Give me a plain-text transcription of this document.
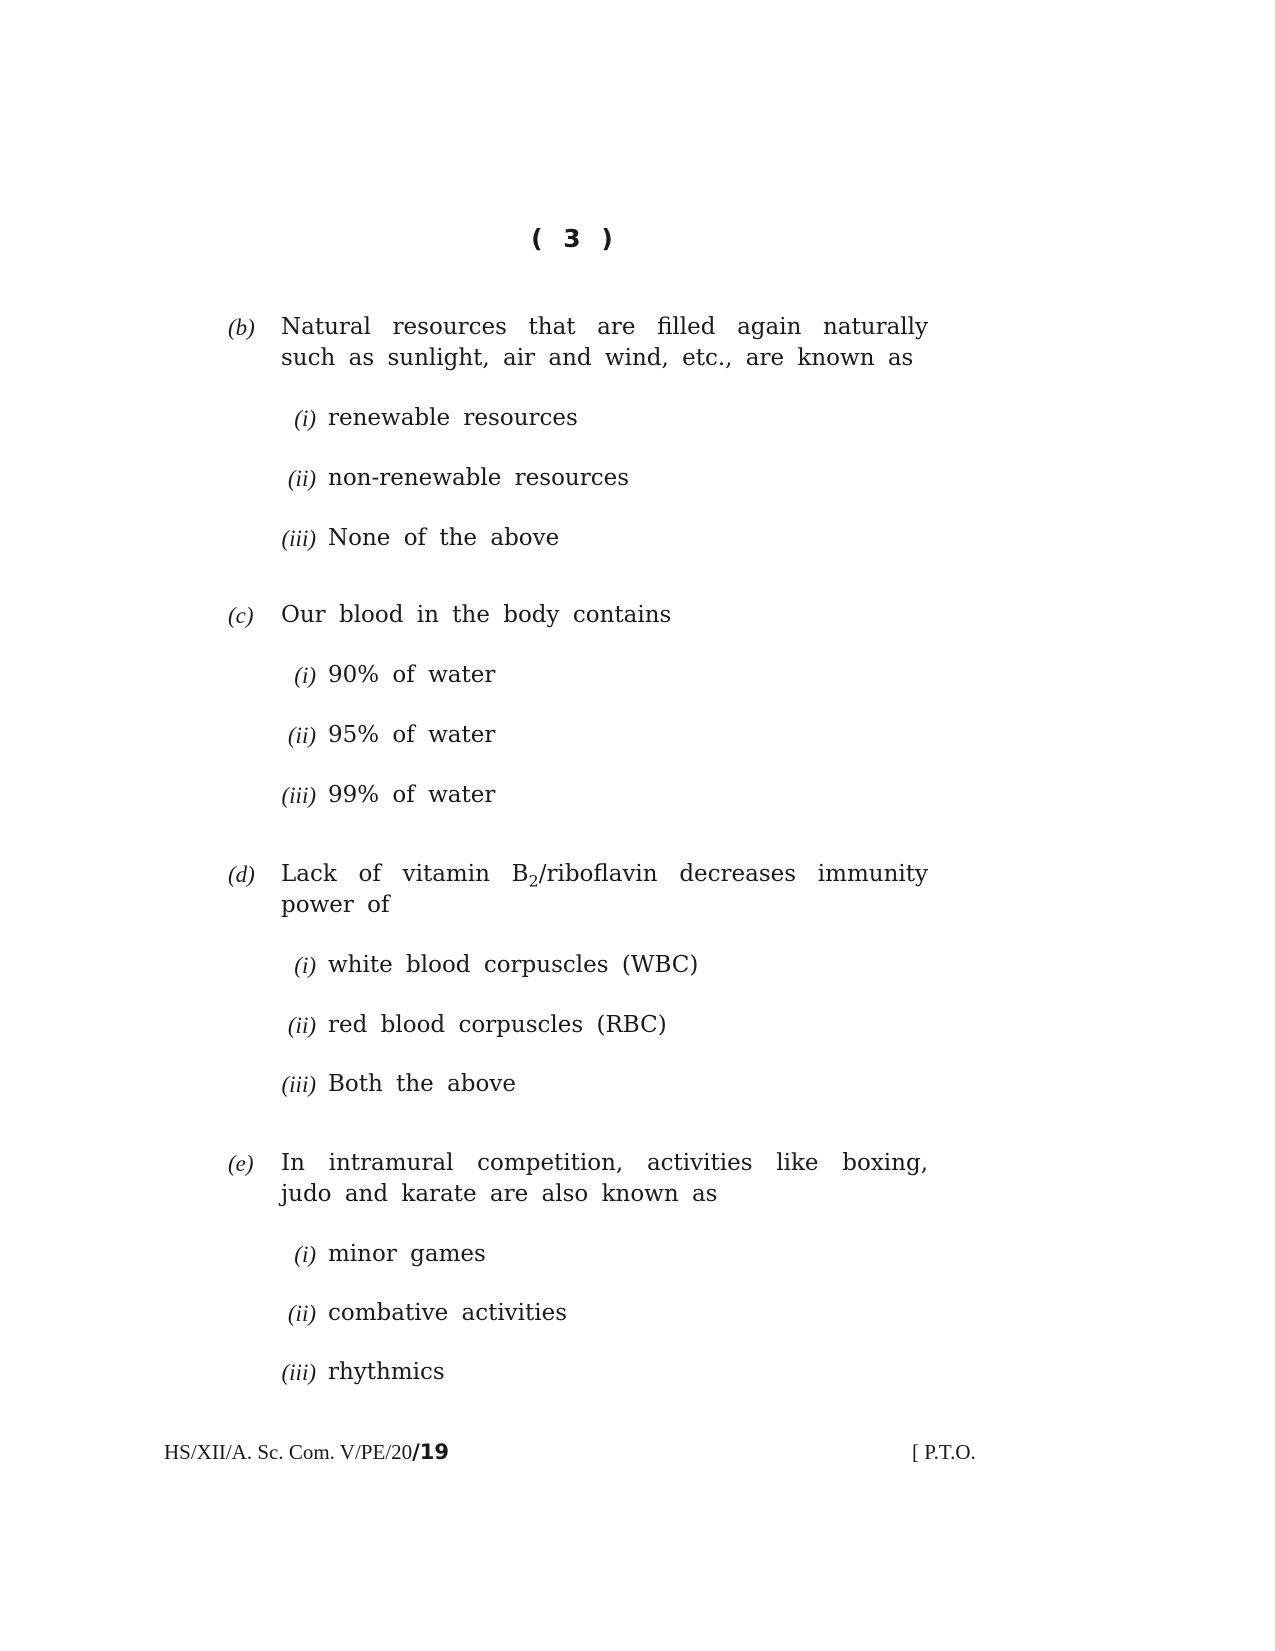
( 3 )
(b) Natural resources that are filled again naturally such as sunlight, air and wind, etc., are known as
(i) renewable resources
(ii) non-renewable resources
(iii) None of the above
(c) Our blood in the body contains
(i) 90% of water
(ii) 95% of water
(iii) 99% of water
(d) Lack of vitamin $B_2$/riboflavin decreases immunity power of
(i) white blood corpuscles (WBC)
(ii) red blood corpuscles (RBC)
(iii) Both the above
(e) In intramural competition, activities like boxing, judo and karate are also known as
(i) minor games
(ii) combative activities
(iii) rhythmics
HS/XII/A. Sc. Com. V/PE/20/19	[ P.T.O.
